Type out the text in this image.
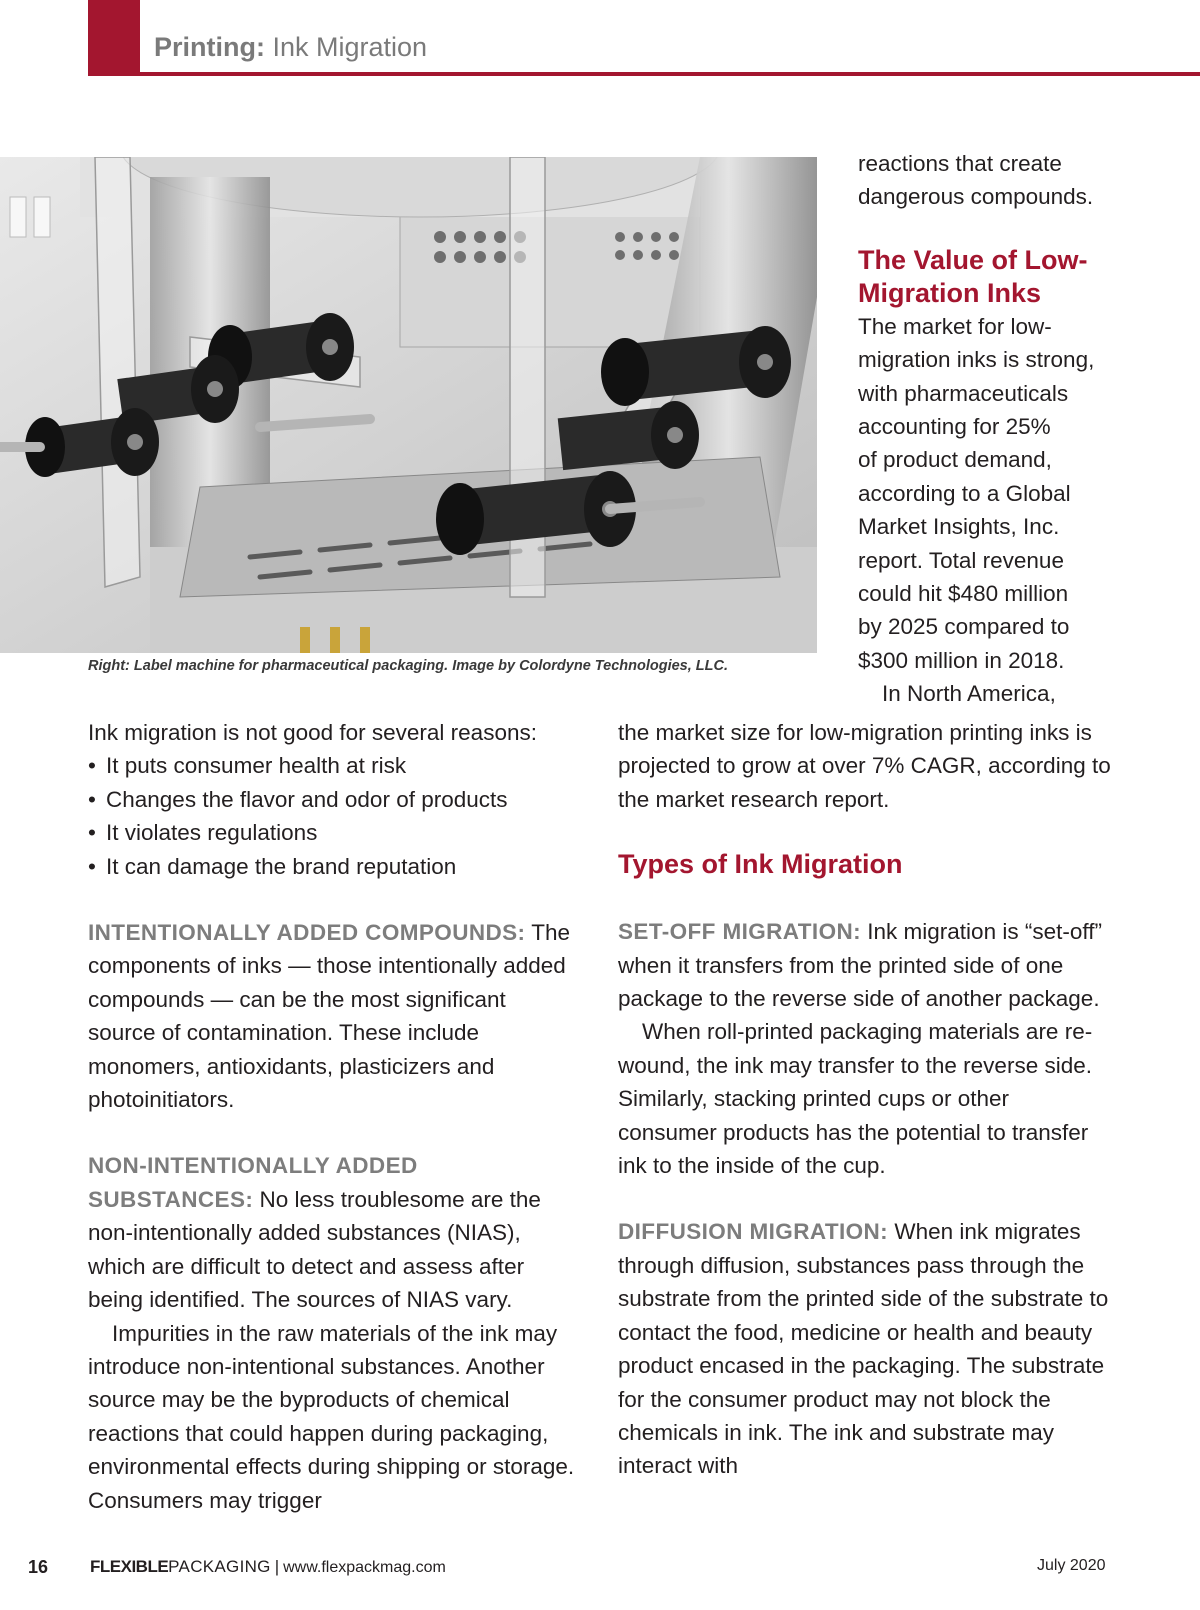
Printing: Ink Migration
Right: Label machine for pharmaceutical packaging. Image by Colordyne Technologies, LLC.

reactions that create

dangerous compounds.

The Value of Low-

Migration Inks

The market for low-

migration inks is strong,

with pharmaceuticals

accounting for 25%

of product demand,

according to a Global

Market Insights, Inc.

report. Total revenue

could hit $480 million

by 2025 compared to

$300 million in 2018.

In North America,

Ink migration is not good for several reasons:

• It puts consumer health at risk
• Changes the flavor and odor of products
• It violates regulations
• It can damage the brand reputation

INTENTIONALLY ADDED COMPOUNDS: The components of inks — those intentionally added compounds — can be the most significant source of contamination. These include monomers, antioxidants, plasticizers and photoinitiators.

NON-INTENTIONALLY ADDED SUBSTANCES: No less troublesome are the non-intentionally added substances (NIAS), which are difficult to detect and assess after being identified. The sources of NIAS vary.

Impurities in the raw materials of the ink may introduce non-intentional substances. Another source may be the byproducts of chemical reactions that could happen during packaging, environmental effects during shipping or storage. Consumers may trigger

the market size for low-migration printing inks is projected to grow at over 7% CAGR, according to the market research report.

Types of Ink Migration

SET-OFF MIGRATION: Ink migration is “set-off” when it transfers from the printed side of one package to the reverse side of another package.

When roll-printed packaging materials are re-wound, the ink may transfer to the reverse side. Similarly, stacking printed cups or other consumer products has the potential to transfer ink to the inside of the cup.

DIFFUSION MIGRATION: When ink migrates through diffusion, substances pass through the substrate from the printed side of the substrate to contact the food, medicine or health and beauty product encased in the packaging. The substrate for the consumer product may not block the chemicals in ink. The ink and substrate may interact with

16 FLEXIBLEPACKAGING | www.flexpackmag.com	July 2020
